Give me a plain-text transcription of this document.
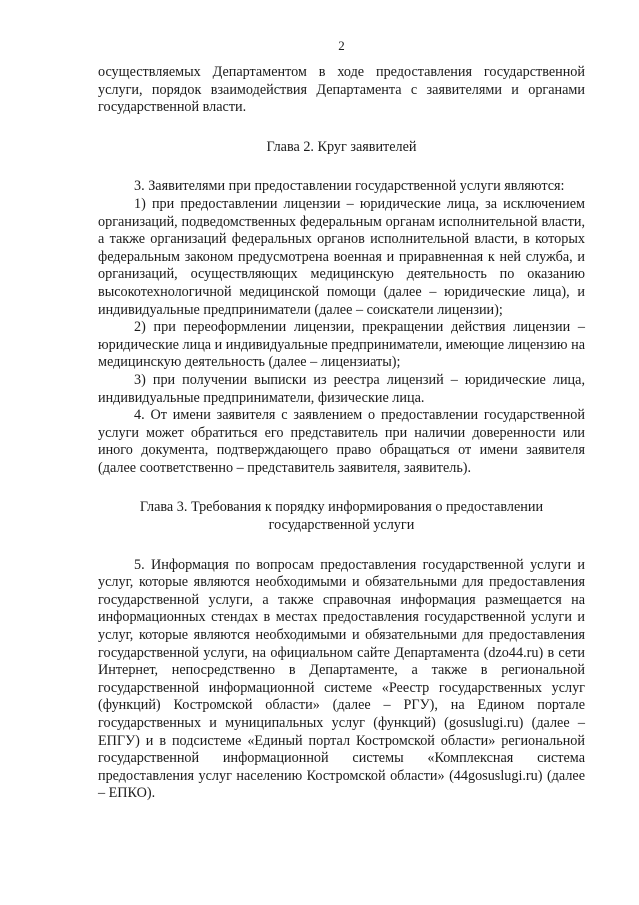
2

осуществляемых Департаментом в ходе предоставления государственной услуги, порядок взаимодействия Департамента с заявителями и органами государственной власти.

Глава 2. Круг заявителей

3. Заявителями при предоставлении государственной услуги являются:

1) при предоставлении лицензии – юридические лица, за исключением организаций, подведомственных федеральным органам исполнительной власти, а также организаций федеральных органов исполнительной власти, в которых федеральным законом предусмотрена военная и приравненная к ней служба, и организаций, осуществляющих медицинскую деятельность по оказанию высокотехнологичной медицинской помощи (далее – юридические лица), и индивидуальные предприниматели (далее – соискатели лицензии);

2) при переоформлении лицензии, прекращении действия лицензии – юридические лица и индивидуальные предприниматели, имеющие лицензию на медицинскую деятельность (далее – лицензиаты);

3) при получении выписки из реестра лицензий – юридические лица, индивидуальные предприниматели, физические лица.

4. От имени заявителя с заявлением о предоставлении государственной услуги может обратиться его представитель при наличии доверенности или иного документа, подтверждающего право обращаться от имени заявителя (далее соответственно – представитель заявителя, заявитель).

Глава 3. Требования к порядку информирования о предоставлении

государственной услуги

5. Информация по вопросам предоставления государственной услуги и услуг, которые являются необходимыми и обязательными для предоставления государственной услуги, а также справочная информация размещается на информационных стендах в местах предоставления государственной услуги и услуг, которые являются необходимыми и обязательными для предоставления государственной услуги, на официальном сайте Департамента (dzo44.ru) в сети Интернет, непосредственно в Департаменте, а также в региональной государственной информационной системе «Реестр государственных услуг (функций) Костромской области» (далее – РГУ), на Едином портале государственных и муниципальных услуг (функций) (gosuslugi.ru) (далее – ЕПГУ) и в подсистеме «Единый портал Костромской области» региональной государственной информационной системы «Комплексная система предоставления услуг населению Костромской области» (44gosuslugi.ru) (далее – ЕПКО).
